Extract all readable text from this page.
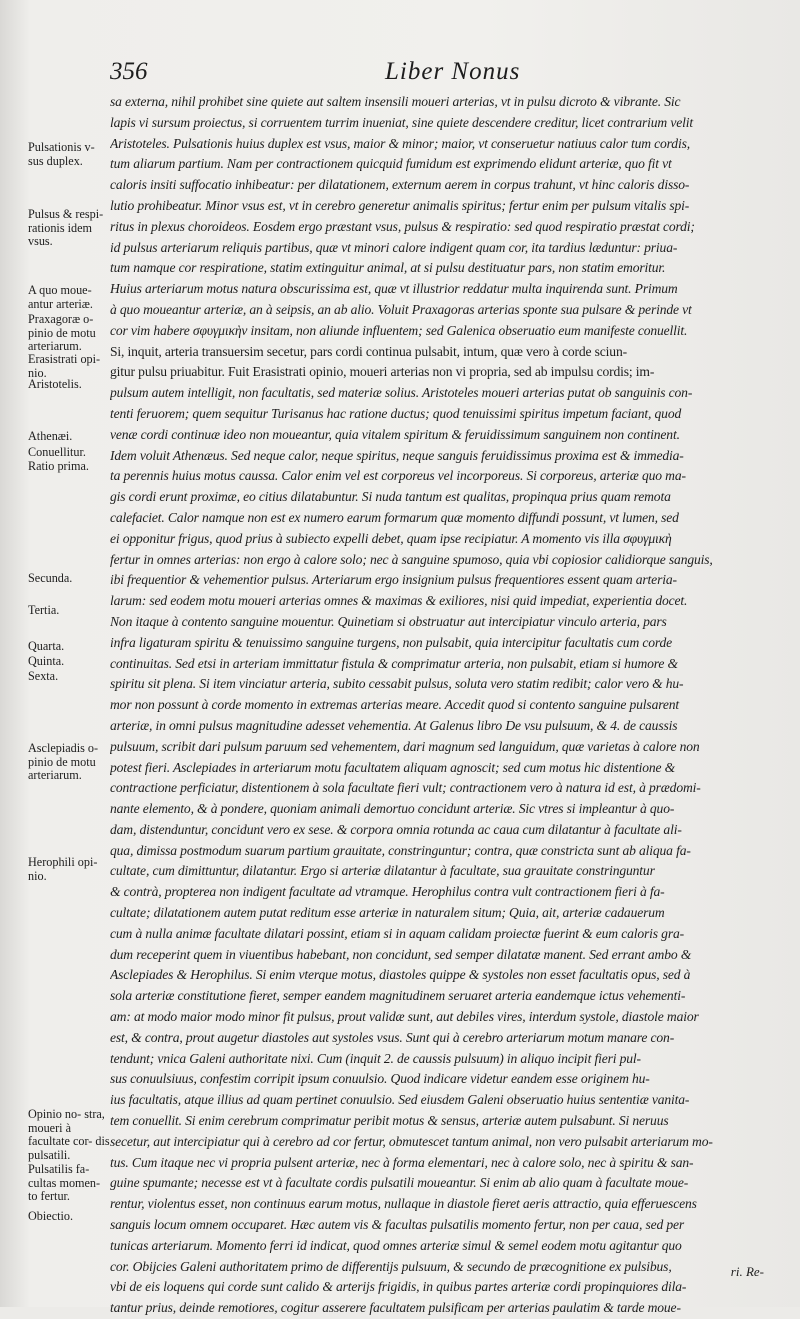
356	Liber Nonus
Pulsationis v- sus duplex.
Pulsus & respi- rationis idem vsus.
A quo moue- antur arteriæ.
Praxagoræ o- pinio de motu arteriarum.
Erasistrati opi- nio.
Aristotelis.
Athenæi.
Conuellitur.
Ratio prima.
Secunda.
Tertia.
Quarta.
Quinta.
Sexta.
Asclepiadis o- pinio de motu arteriarum.
Herophili opi- nio.
Opinio no- stra, moueri à facultate cor- dis pulsatili.
Pulsatilis fa- cultas momen- to fertur.
Obiectio.
sa externa, nihil prohibet sine quiete aut saltem insensili moueri arterias, vt in pulsu dicroto & vibrante. Sic
lapis vi sursum proiectus, si corruentem turrim inueniat, sine quiete descendere creditur, licet contrarium velit
Aristoteles. Pulsationis huius duplex est vsus, maior & minor; maior, vt conseruetur natiuus calor tum cordis,
tum aliarum partium. Nam per contractionem quicquid fumidum est exprimendo elidunt arteriæ, quo fit vt
caloris insiti suffocatio inhibeatur: per dilatationem, externum aerem in corpus trahunt, vt hinc caloris disso-
lutio prohibeatur. Minor vsus est, vt in cerebro generetur animalis spiritus; fertur enim per pulsum vitalis spi-
ritus in plexus choroideos. Eosdem ergo præstant vsus, pulsus & respiratio: sed quod respiratio præstat cordi;
id pulsus arteriarum reliquis partibus, quæ vt minori calore indigent quam cor, ita tardius læduntur: priua-
tum namque cor respiratione, statim extinguitur animal, at si pulsu destituatur pars, non statim emoritur.
Huius arteriarum motus natura obscurissima est, quæ vt illustrior reddatur multa inquirenda sunt. Primum
à quo moueantur arteriæ, an à seipsis, an ab alio. Voluit Praxagoras arterias sponte sua pulsare & perinde vt
cor vim habere σφυγμικὴν insitam, non aliunde influentem; sed Galenica obseruatio eum manifeste conuellit.
Si, inquit, arteria transuersim secetur, pars cordi continua pulsabit, intum, quæ vero à corde sciun-
gitur pulsu priuabitur. Fuit Erasistrati opinio, moueri arterias non vi propria, sed ab impulsu cordis; im-
pulsum autem intelligit, non facultatis, sed materiæ solius. Aristoteles moueri arterias putat ob sanguinis con-
tenti feruorem; quem sequitur Turisanus hac ratione ductus; quod tenuissimi spiritus impetum faciant, quod
venæ cordi continuæ ideo non moueantur, quia vitalem spiritum & feruidissimum sanguinem non continent.
Idem voluit Athenæus. Sed neque calor, neque spiritus, neque sanguis feruidissimus proxima est & immedia-
ta perennis huius motus caussa. Calor enim vel est corporeus vel incorporeus. Si corporeus, arteriæ quo ma-
gis cordi erunt proximæ, eo citius dilatabuntur. Si nuda tantum est qualitas, propinqua prius quam remota
calefaciet. Calor namque non est ex numero earum formarum quæ momento diffundi possunt, vt lumen, sed
ei opponitur frigus, quod prius à subiecto expelli debet, quam ipse recipiatur. A momento vis illa σφυγμικὴ
fertur in omnes arterias: non ergo à calore solo; nec à sanguine spumoso, quia vbi copiosior calidiorque sanguis,
ibi frequentior & vehementior pulsus. Arteriarum ergo insignium pulsus frequentiores essent quam arteria-
larum: sed eodem motu moueri arterias omnes & maximas & exiliores, nisi quid impediat, experientia docet.
Non itaque à contento sanguine mouentur. Quinetiam si obstruatur aut intercipiatur vinculo arteria, pars
infra ligaturam spiritu & tenuissimo sanguine turgens, non pulsabit, quia intercipitur facultatis cum corde
continuitas. Sed etsi in arteriam immittatur fistula & comprimatur arteria, non pulsabit, etiam si humore &
spiritu sit plena. Si item vinciatur arteria, subito cessabit pulsus, soluta vero statim redibit; calor vero & hu-
mor non possunt à corde momento in extremas arterias meare. Accedit quod si contento sanguine pulsarent
arteriæ, in omni pulsus magnitudine adesset vehementia. At Galenus libro De vsu pulsuum, & 4. de caussis
pulsuum, scribit dari pulsum paruum sed vehementem, dari magnum sed languidum, quæ varietas à calore non
potest fieri. Asclepiades in arteriarum motu facultatem aliquam agnoscit; sed cum motus hic distentione &
contractione perficiatur, distentionem à sola facultate fieri vult; contractionem vero à natura id est, à prædomi-
nante elemento, & à pondere, quoniam animali demortuo concidunt arteriæ. Sic vtres si impleantur à quo-
dam, distenduntur, concidunt vero ex sese. & corpora omnia rotunda ac caua cum dilatantur à facultate ali-
qua, dimissa postmodum suarum partium grauitate, constringuntur; contra, quæ constricta sunt ab aliqua fa-
cultate, cum dimittuntur, dilatantur. Ergo si arteriæ dilatantur à facultate, sua grauitate constringuntur
& contrà, propterea non indigent facultate ad vtramque. Herophilus contra vult contractionem fieri à fa-
cultate; dilatationem autem putat reditum esse arteriæ in naturalem situm; Quia, ait, arteriæ cadauerum
cum à nulla animæ facultate dilatari possint, etiam si in aquam calidam proiectæ fuerint & eum caloris gra-
dum receperint quem in viuentibus habebant, non concidunt, sed semper dilatatæ manent. Sed errant ambo &
Asclepiades & Herophilus. Si enim vterque motus, diastoles quippe & systoles non esset facultatis opus, sed à
sola arteriæ constitutione fieret, semper eandem magnitudinem seruaret arteria eandemque ictus vehementi-
am: at modo maior modo minor fit pulsus, prout validæ sunt, aut debiles vires, interdum systole, diastole maior
est, & contra, prout augetur diastoles aut systoles vsus. Sunt qui à cerebro arteriarum motum manare con-
tendunt; vnica Galeni authoritate nixi. Cum (inquit 2. de caussis pulsuum) in aliquo incipit fieri pul-
sus conuulsiuus, confestim corripit ipsum conuulsio. Quod indicare videtur eandem esse originem hu-
ius facultatis, atque illius ad quam pertinet conuulsio. Sed eiusdem Galeni obseruatio huius sententiæ vanita-
tem conuellit. Si enim cerebrum comprimatur peribit motus & sensus, arteriæ autem pulsabunt. Si neruus
secetur, aut intercipiatur qui à cerebro ad cor fertur, obmutescet tantum animal, non vero pulsabit arteriarum mo-
tus. Cum itaque nec vi propria pulsent arteriæ, nec à forma elementari, nec à calore solo, nec à spiritu & san-
guine spumante; necesse est vt à facultate cordis pulsatili moueantur. Si enim ab alio quam à facultate moue-
rentur, violentus esset, non continuus earum motus, nullaque in diastole fieret aeris attractio, quia efferuescens
sanguis locum omnem occuparet. Hæc autem vis & facultas pulsatilis momento fertur, non per caua, sed per
tunicas arteriarum. Momento ferri id indicat, quod omnes arteriæ simul & semel eodem motu agitantur quo
cor. Obijcies Galeni authoritatem primo de differentijs pulsuum, & secundo de præcognitione ex pulsibus,
vbi de eis loquens qui corde sunt calido & arterijs frigidis, in quibus partes arteriæ cordi propinquiores dila-
tantur prius, deinde remotiores, cogitur asserere facultatem pulsificam per arterias paulatim & tarde moue-
ri. Re-
